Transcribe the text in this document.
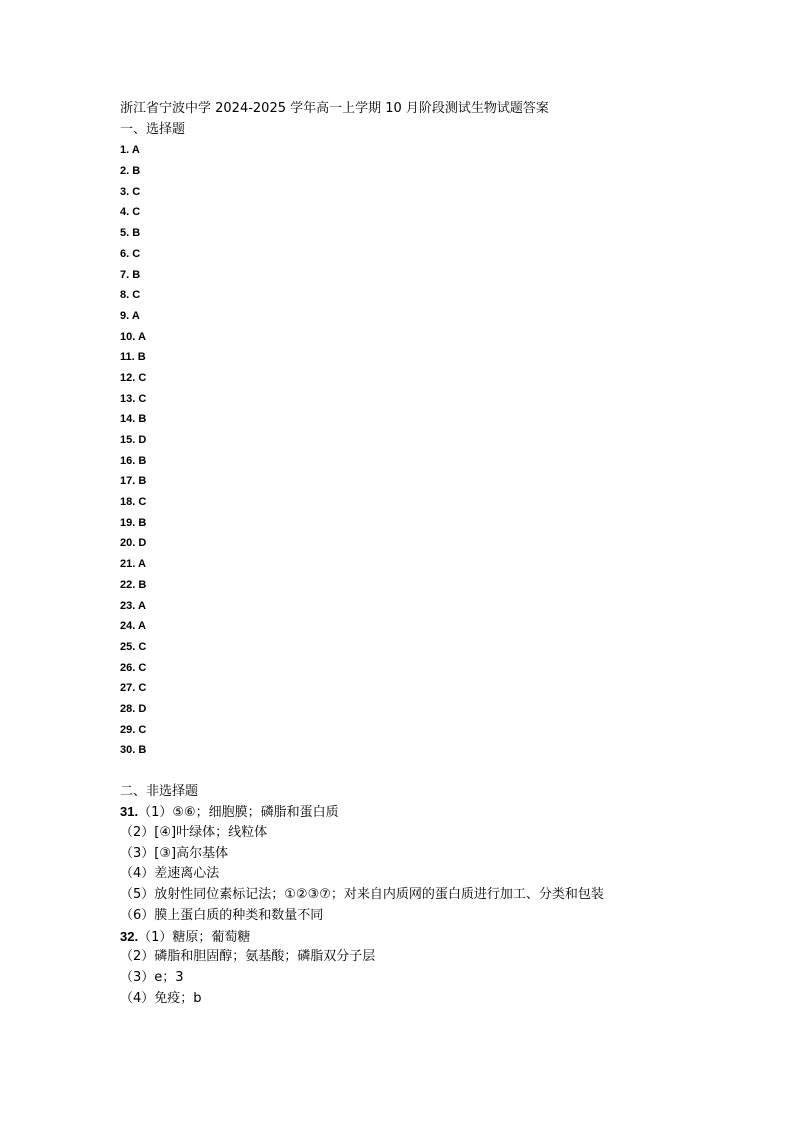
浙江省宁波中学 2024-2025 学年高一上学期 10 月阶段测试生物试题答案
一、选择题
1. A
2. B
3. C
4. C
5. B
6. C
7. B
8. C
9. A
10. A
11. B
12. C
13. C
14. B
15. D
16. B
17. B
18. C
19. B
20. D
21. A
22. B
23. A
24. A
25. C
26. C
27. C
28. D
29. C
30. B
二、非选择题
31.（1）⑤⑥；细胞膜；磷脂和蛋白质
（2）[④]叶绿体；线粒体
（3）[③]高尔基体
（4）差速离心法
（5）放射性同位素标记法；①②③⑦；对来自内质网的蛋白质进行加工、分类和包装
（6）膜上蛋白质的种类和数量不同
32.（1）糖原；葡萄糖
（2）磷脂和胆固醇；氨基酸；磷脂双分子层
（3）e；3
（4）免疫；b
